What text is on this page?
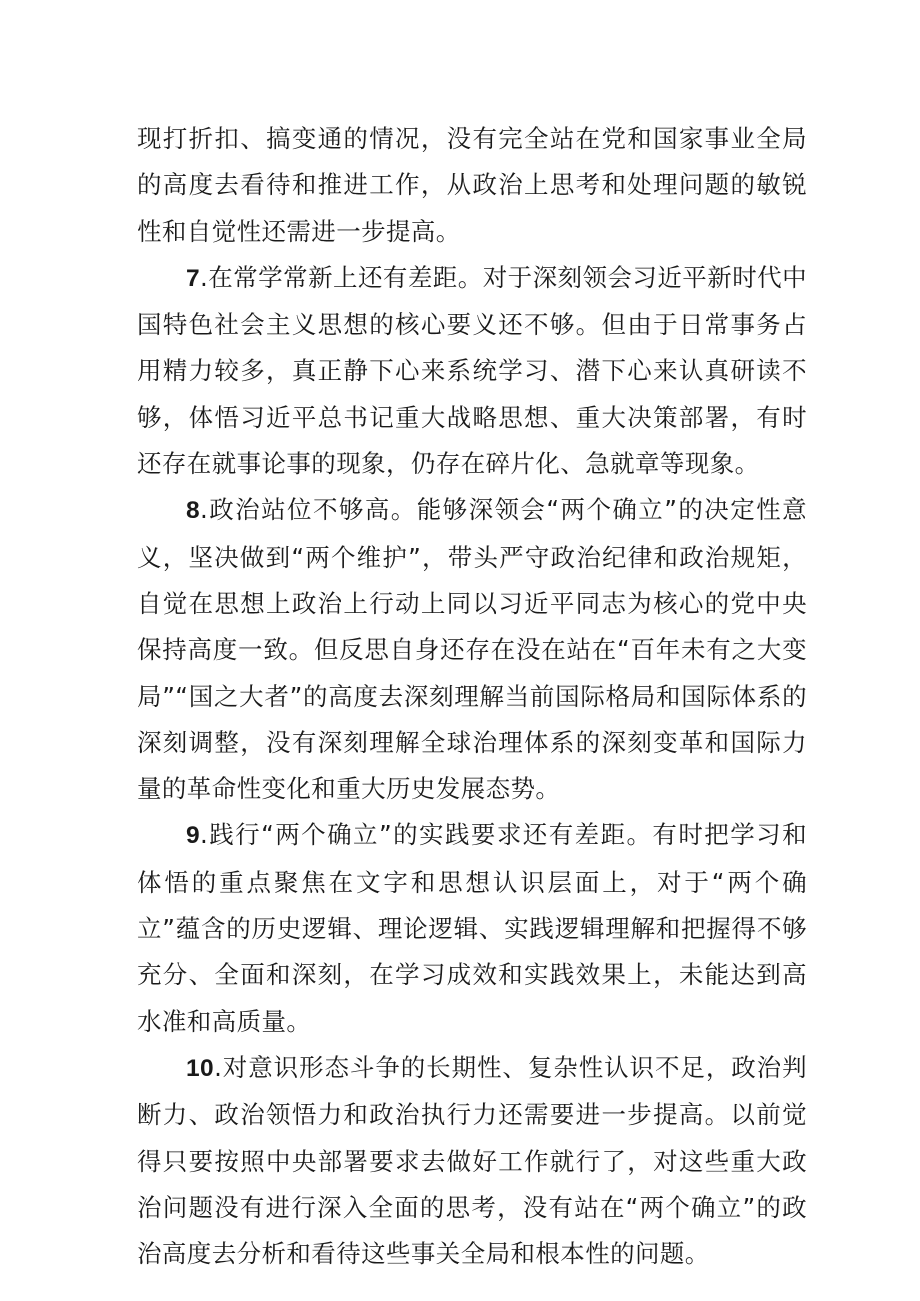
现打折扣、搞变通的情况，没有完全站在党和国家事业全局的高度去看待和推进工作，从政治上思考和处理问题的敏锐性和自觉性还需进一步提高。

7.在常学常新上还有差距。对于深刻领会习近平新时代中国特色社会主义思想的核心要义还不够。但由于日常事务占用精力较多，真正静下心来系统学习、潜下心来认真研读不够，体悟习近平总书记重大战略思想、重大决策部署，有时还存在就事论事的现象，仍存在碎片化、急就章等现象。

8.政治站位不够高。能够深领会“两个确立”的决定性意义，坚决做到“两个维护”，带头严守政治纪律和政治规矩，自觉在思想上政治上行动上同以习近平同志为核心的党中央保持高度一致。但反思自身还存在没在站在“百年未有之大变局”“国之大者”的高度去深刻理解当前国际格局和国际体系的深刻调整，没有深刻理解全球治理体系的深刻变革和国际力量的革命性变化和重大历史发展态势。

9.践行“两个确立”的实践要求还有差距。有时把学习和体悟的重点聚焦在文字和思想认识层面上，对于“两个确立”蕴含的历史逻辑、理论逻辑、实践逻辑理解和把握得不够充分、全面和深刻，在学习成效和实践效果上，未能达到高水准和高质量。

10.对意识形态斗争的长期性、复杂性认识不足，政治判断力、政治领悟力和政治执行力还需要进一步提高。以前觉得只要按照中央部署要求去做好工作就行了，对这些重大政治问题没有进行深入全面的思考，没有站在“两个确立”的政治高度去分析和看待这些事关全局和根本性的问题。
